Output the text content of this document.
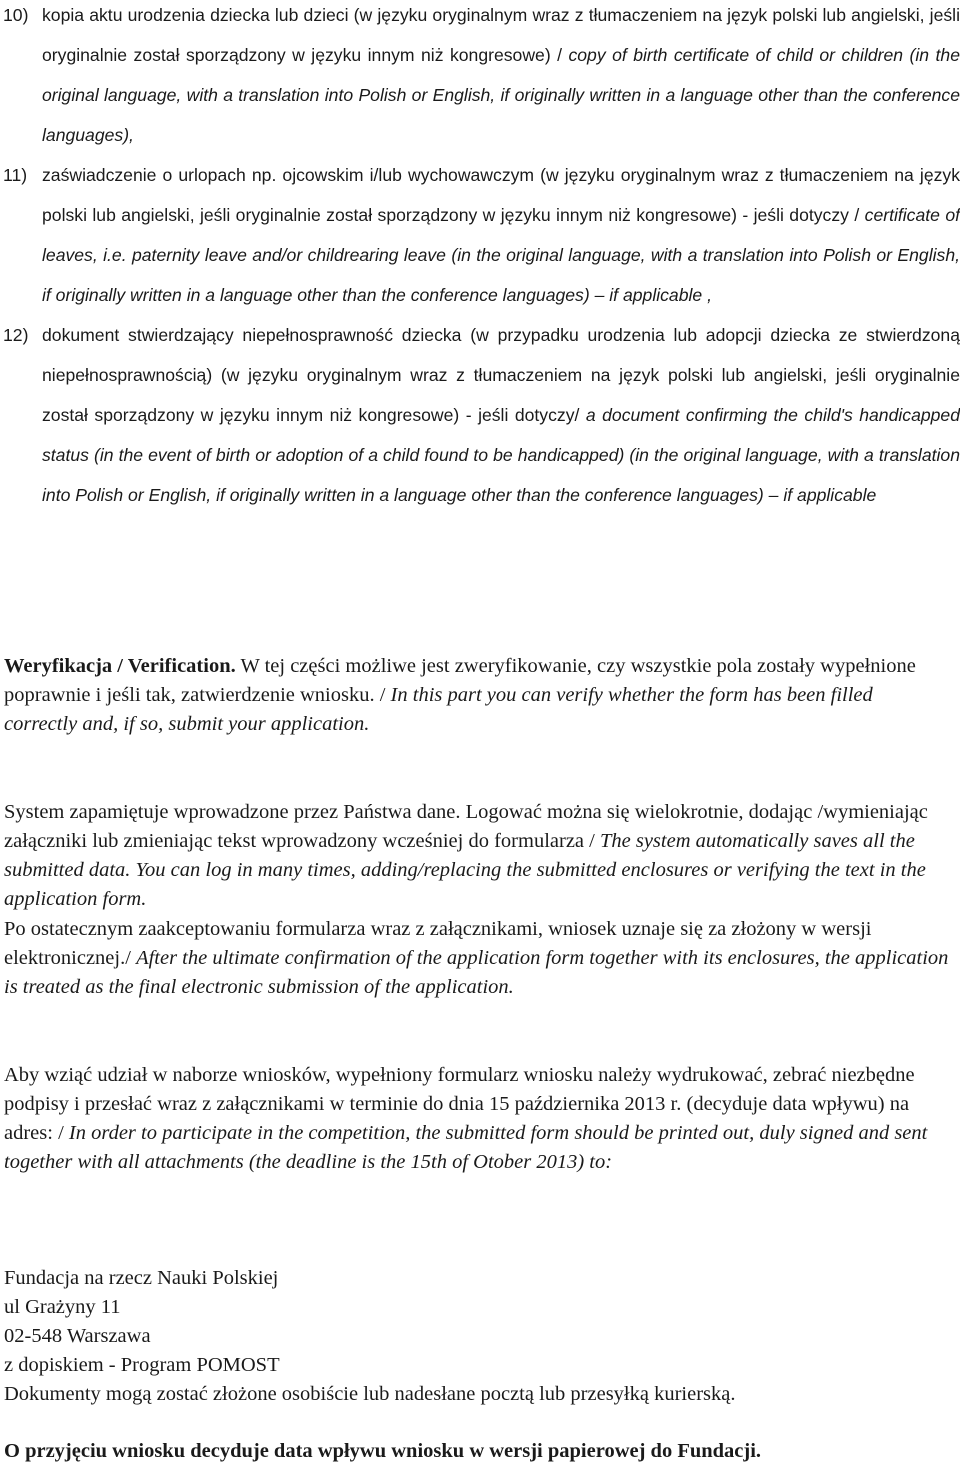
10) kopia aktu urodzenia dziecka lub dzieci (w języku oryginalnym wraz z tłumaczeniem na język polski lub angielski, jeśli oryginalnie został sporządzony w języku innym niż kongresowe) / copy of birth certificate of child or children (in the original language, with a translation into Polish or English, if originally written in a language other than the conference languages),

11) zaświadczenie o urlopach np. ojcowskim i/lub wychowawczym (w języku oryginalnym wraz z tłumaczeniem na język polski lub angielski, jeśli oryginalnie został sporządzony w języku innym niż kongresowe) - jeśli dotyczy / certificate of leaves, i.e. paternity leave and/or childrearing leave (in the original language, with a translation into Polish or English, if originally written in a language other than the conference languages) – if applicable ,

12) dokument stwierdzający niepełnosprawność dziecka (w przypadku urodzenia lub adopcji dziecka ze stwierdzoną niepełnosprawnością) (w języku oryginalnym wraz z tłumaczeniem na język polski lub angielski, jeśli oryginalnie został sporządzony w języku innym niż kongresowe) - jeśli dotyczy/ a document confirming the child's handicapped status (in the event of birth or adoption of a child found to be handicapped) (in the original language, with a translation into Polish or English, if originally written in a language other than the conference languages) – if applicable

Weryfikacja / Verification. W tej części możliwe jest zweryfikowanie, czy wszystkie pola zostały wypełnione poprawnie i jeśli tak, zatwierdzenie wniosku. / In this part you can verify whether the form has been filled correctly and, if so, submit your application.

System zapamiętuje wprowadzone przez Państwa dane. Logować można się wielokrotnie, dodając /wymieniając załączniki lub zmieniając tekst wprowadzony wcześniej do formularza / The system automatically saves all the submitted data. You can log in many times, adding/replacing the submitted enclosures or verifying the text in the application form.

Po ostatecznym zaakceptowaniu formularza wraz z załącznikami, wniosek uznaje się za złożony w wersji elektronicznej./ After the ultimate confirmation of the application form together with its enclosures, the application is treated as the final electronic submission of the application.

Aby wziąć udział w naborze wniosków, wypełniony formularz wniosku należy wydrukować, zebrać niezbędne podpisy i przesłać wraz z załącznikami w terminie do dnia 15 października 2013 r. (decyduje data wpływu) na adres: / In order to participate in the competition, the submitted form should be printed out, duly signed and sent together with all attachments (the deadline is the 15th of Otober 2013) to:

Fundacja na rzecz Nauki Polskiej
ul Grażyny 11
02-548 Warszawa
z dopiskiem - Program POMOST
Dokumenty mogą zostać złożone osobiście lub nadesłane pocztą lub przesyłką kurierską.
O przyjęciu wniosku decyduje data wpływu wniosku w wersji papierowej do Fundacji.
